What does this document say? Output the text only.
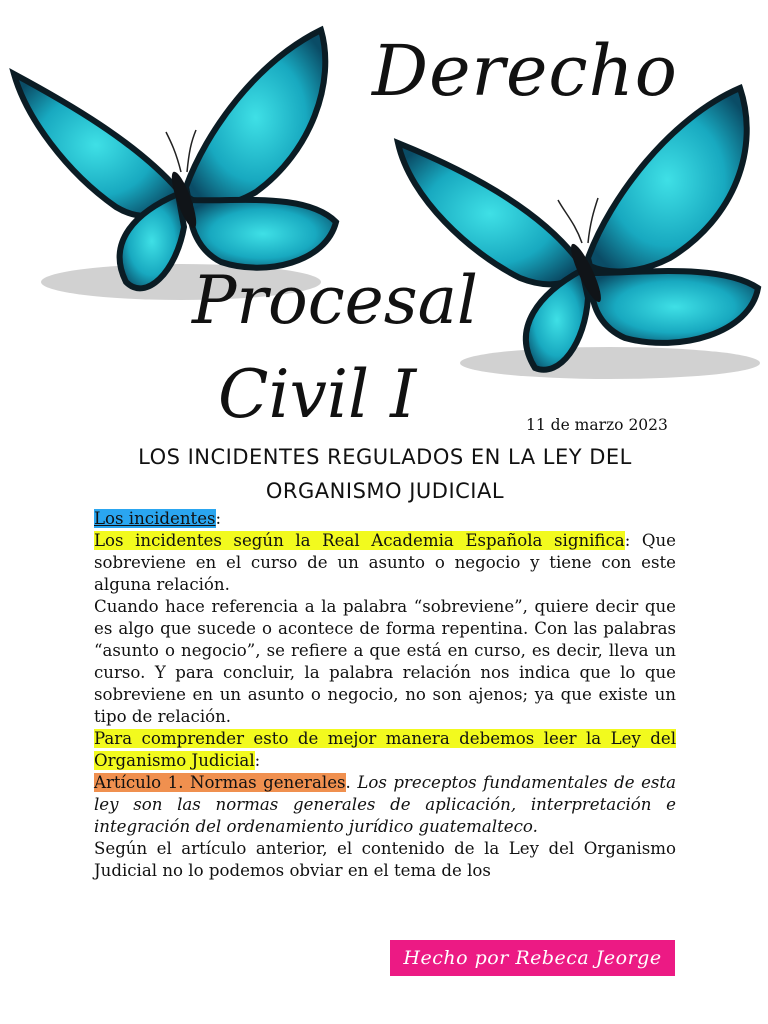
Derecho
Procesal
Civil I	11 de marzo 2023
LOS INCIDENTES REGULADOS EN LA LEY DEL
ORGANISMO JUDICIAL

Los incidentes:

Los incidentes según la Real Academia Española significa: Que sobreviene en el curso de un asunto o negocio y tiene con este alguna relación.

Cuando hace referencia a la palabra “sobreviene”, quiere decir que es algo que sucede o acontece de forma repentina. Con las palabras “asunto o negocio”, se refiere a que está en curso, es decir, lleva un curso. Y para concluir, la palabra relación nos indica que lo que sobreviene en un asunto o negocio, no son ajenos; ya que existe un tipo de relación.

Para comprender esto de mejor manera debemos leer la Ley del Organismo Judicial:

Artículo 1. Normas generales. Los preceptos fundamentales de esta ley son las normas generales de aplicación, interpretación e integración del ordenamiento jurídico guatemalteco.

Según el artículo anterior, el contenido de la Ley del Organismo Judicial no lo podemos obviar en el tema de los

Hecho por Rebeca Jeorge
